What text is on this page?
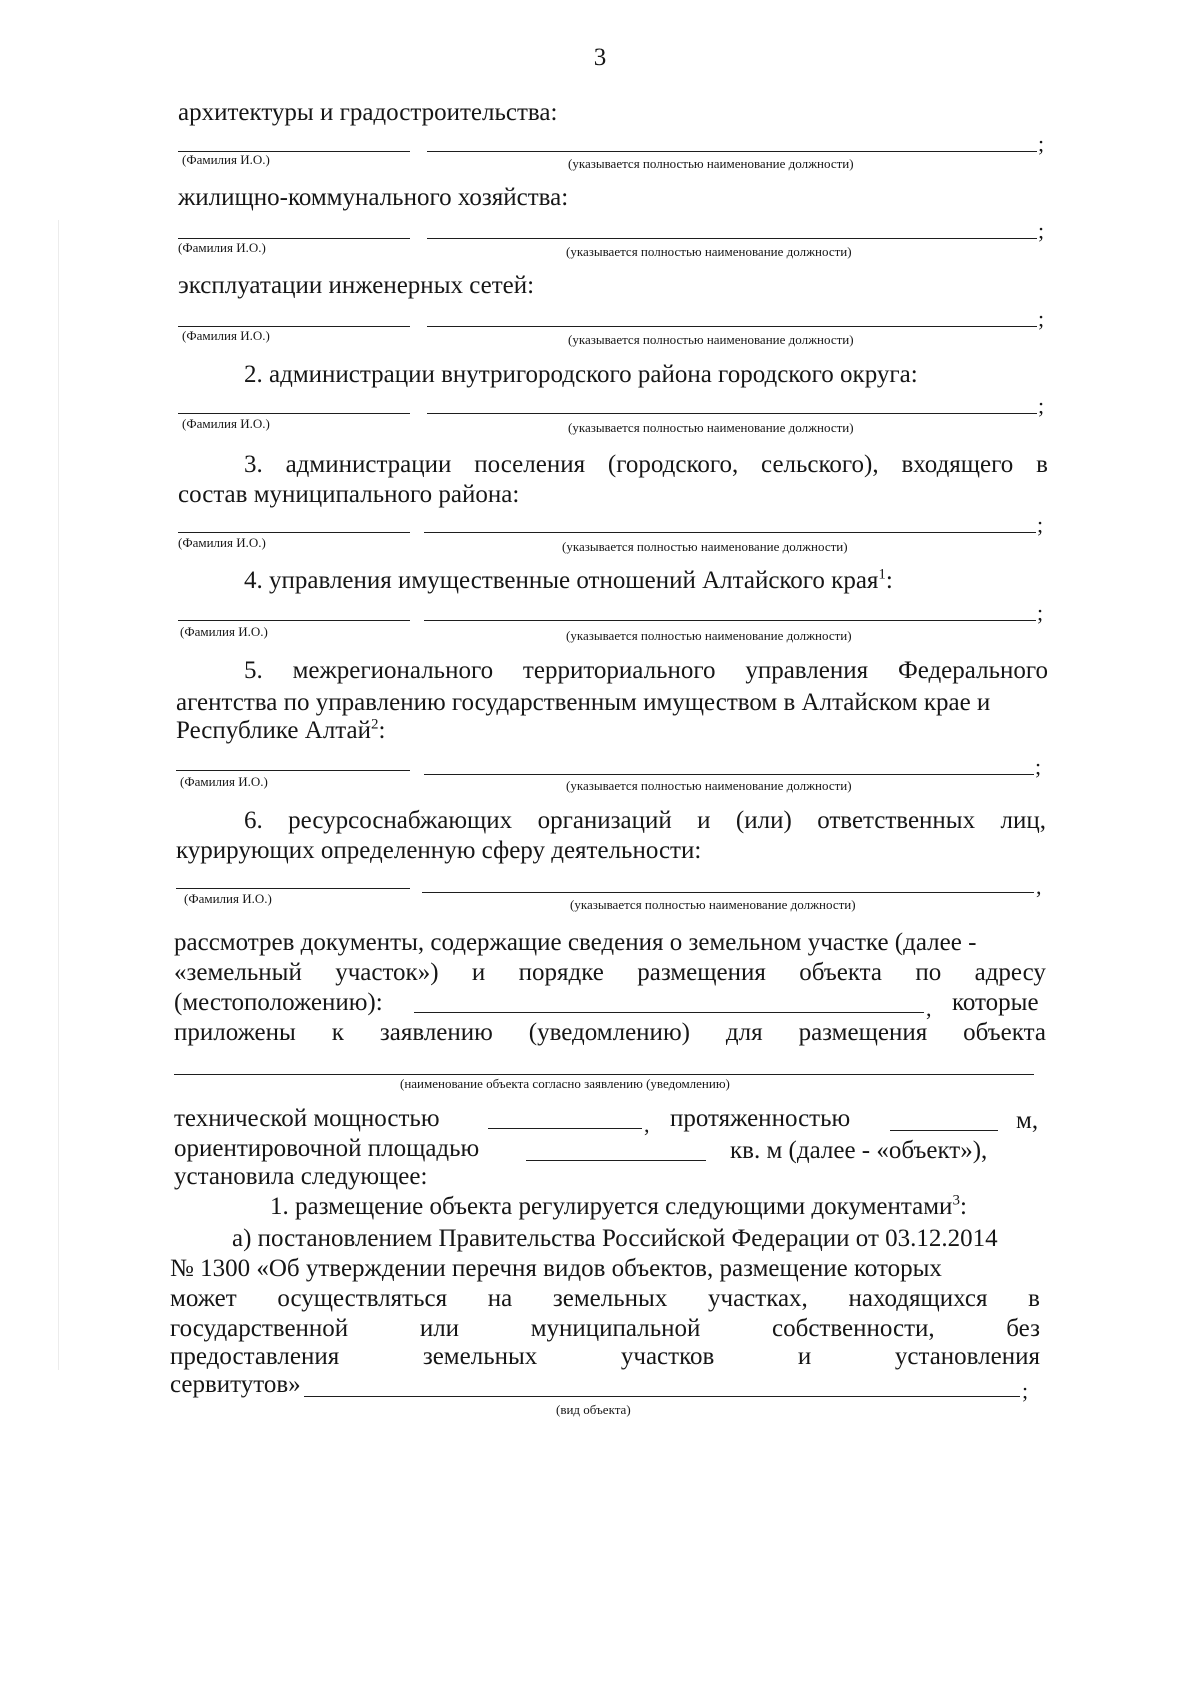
3
архитектуры и градостроительства:
;
(Фамилия И.О.)	(указывается полностью наименование должности)
жилищно-коммунального хозяйства:
;
(Фамилия И.О.)	(указывается полностью наименование должности)
эксплуатации инженерных сетей:
;
(Фамилия И.О.)	(указывается полностью наименование должности)
2. администрации внутригородского района городского округа:
;
(Фамилия И.О.)	(указывается полностью наименование должности)
3. администрации поселения (городского, сельского), входящего в
состав муниципального района:
;
(Фамилия И.О.)	(указывается полностью наименование должности)
4. управления имущественные отношений Алтайского края$^1$:
;
(Фамилия И.О.)	(указывается полностью наименование должности)
5. межрегионального территориального управления Федерального
агентства по управлению государственным имуществом в Алтайском крае и
Республике Алтай$^2$:
;
(Фамилия И.О.)	(указывается полностью наименование должности)
6. ресурсоснабжающих организаций и (или) ответственных лиц,
курирующих определенную сферу деятельности:
,
(Фамилия И.О.)	(указывается полностью наименование должности)
рассмотрев документы, содержащие сведения о земельном участке (далее -
«земельный участок») и порядке размещения объекта по адресу
(местоположению):	, которые
приложены к заявлению (уведомлению) для размещения объекта
(наименование объекта согласно заявлению (уведомлению)
технической мощностью	, протяженностью	м,
ориентировочной площадью	кв. м (далее - «объект»),
установила следующее:
1. размещение объекта регулируется следующими документами$^3$:
а) постановлением Правительства Российской Федерации от 03.12.2014
№ 1300 «Об утверждении перечня видов объектов, размещение которых
может осуществляться на земельных участках, находящихся в
государственной	или	муниципальной	собственности,	без
предоставления	земельных	участков	и	установления
сервитутов»	;
(вид объекта)
